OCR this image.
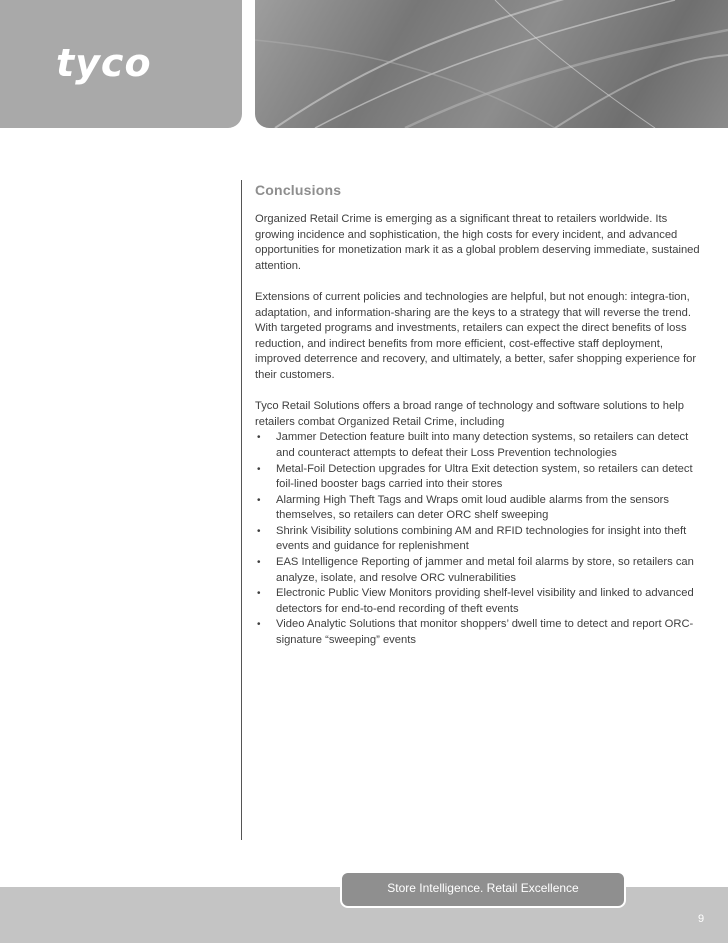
tyco
Conclusions

Organized Retail Crime is emerging as a significant threat to retailers worldwide. Its growing incidence and sophistication, the high costs for every incident, and advanced opportunities for monetization mark it as a global problem deserving immediate, sustained attention.

Extensions of current policies and technologies are helpful, but not enough: integra-tion, adaptation, and information-sharing are the keys to a strategy that will reverse the trend. With targeted programs and investments, retailers can expect the direct benefits of loss reduction, and indirect benefits from more efficient, cost-effective staff deployment, improved deterrence and recovery, and ultimately, a better, safer shopping experience for their customers.

Tyco Retail Solutions offers a broad range of technology and software solutions to help retailers combat Organized Retail Crime, including

• Jammer Detection feature built into many detection systems, so retailers can detect and counteract attempts to defeat their Loss Prevention technologies
• Metal-Foil Detection upgrades for Ultra Exit detection system, so retailers can detect foil-lined booster bags carried into their stores
• Alarming High Theft Tags and Wraps omit loud audible alarms from the sensors themselves, so retailers can deter ORC shelf sweeping
• Shrink Visibility solutions combining AM and RFID technologies for insight into theft events and guidance for replenishment
• EAS Intelligence Reporting of jammer and metal foil alarms by store, so retailers can analyze, isolate, and resolve ORC vulnerabilities
• Electronic Public View Monitors providing shelf-level visibility and linked to advanced detectors for end-to-end recording of theft events
• Video Analytic Solutions that monitor shoppers’ dwell time to detect and report ORC-signature “sweeping” events
Store Intelligence. Retail Excellence
9
